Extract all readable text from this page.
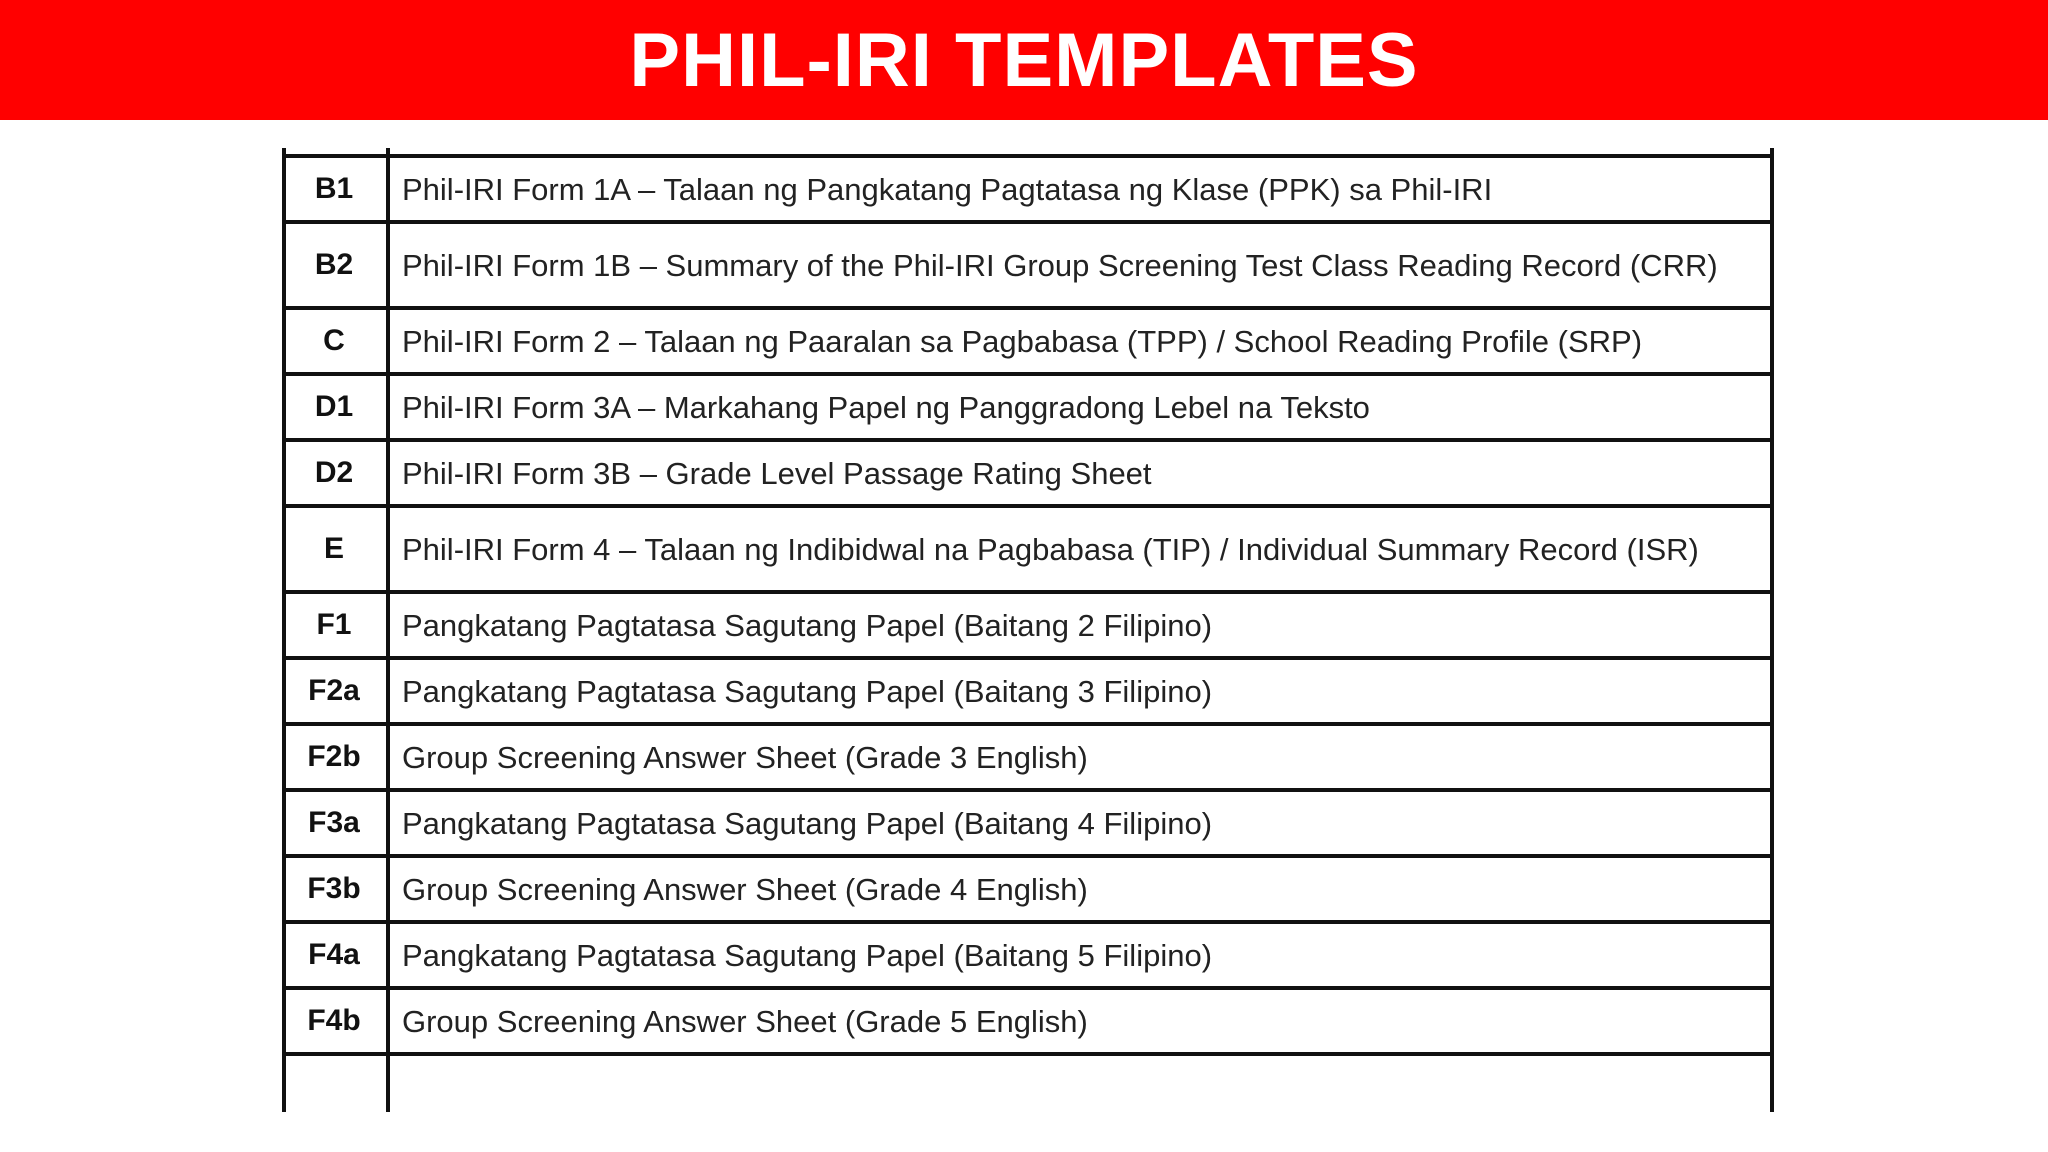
PHIL-IRI TEMPLATES
B1	Phil-IRI Form 1A – Talaan ng Pangkatang Pagtatasa ng Klase (PPK) sa Phil-IRI
B2	Phil-IRI Form 1B – Summary of the Phil-IRI Group Screening Test Class Reading Record (CRR)
C	Phil-IRI Form 2 – Talaan ng Paaralan sa Pagbabasa (TPP) / School Reading Profile (SRP)
D1	Phil-IRI Form 3A – Markahang Papel ng Panggradong Lebel na Teksto
D2	Phil-IRI Form 3B – Grade Level Passage Rating Sheet
E	Phil-IRI Form 4 – Talaan ng Indibidwal na Pagbabasa (TIP) / Individual Summary Record (ISR)
F1	Pangkatang Pagtatasa Sagutang Papel (Baitang 2 Filipino)
F2a	Pangkatang Pagtatasa Sagutang Papel (Baitang 3 Filipino)
F2b	Group Screening Answer Sheet (Grade 3 English)
F3a	Pangkatang Pagtatasa Sagutang Papel (Baitang 4 Filipino)
F3b	Group Screening Answer Sheet (Grade 4 English)
F4a	Pangkatang Pagtatasa Sagutang Papel (Baitang 5 Filipino)
F4b	Group Screening Answer Sheet (Grade 5 English)
